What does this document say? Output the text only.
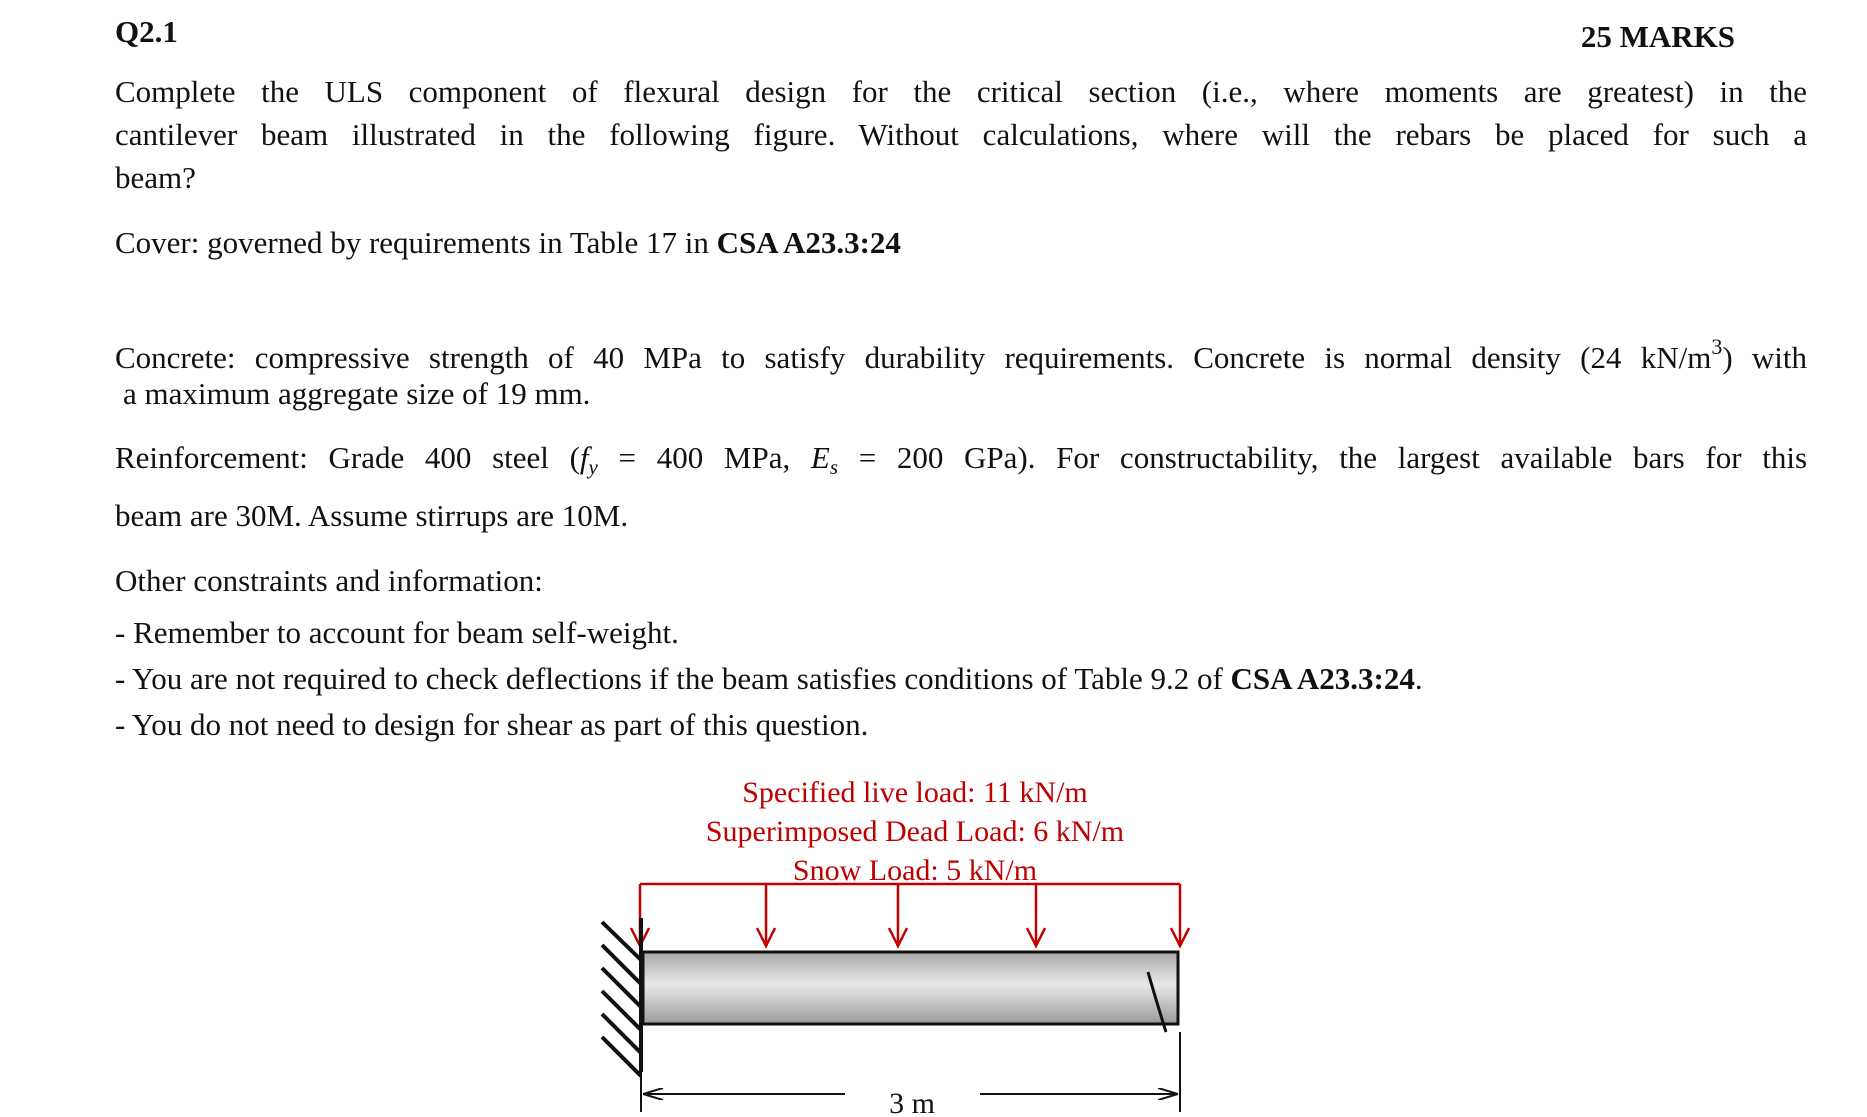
Q2.1	25 MARKS
Complete the ULS component of flexural design for the critical section (i.e., where moments are greatest) in the
cantilever beam illustrated in the following figure. Without calculations, where will the rebars be placed for such a
beam?
Cover: governed by requirements in Table 17 in CSA A23.3:24
Concrete: compressive strength of 40 MPa to satisfy durability requirements. Concrete is normal density (24 $kN/m^3$) with
a maximum aggregate size of 19 mm.
Reinforcement: Grade 400 steel ($f_y = 400$ MPa, $E_s = 200$ GPa). For constructability, the largest available bars for this
beam are 30M. Assume stirrups are 10M.
Other constraints and information:
- Remember to account for beam self-weight.
- You are not required to check deflections if the beam satisfies conditions of Table 9.2 of CSA A23.3:24.
- You do not need to design for shear as part of this question.
Specified live load: 11 kN/m
Superimposed Dead Load: 6 kN/m
Snow Load: 5 kN/m
3 m
